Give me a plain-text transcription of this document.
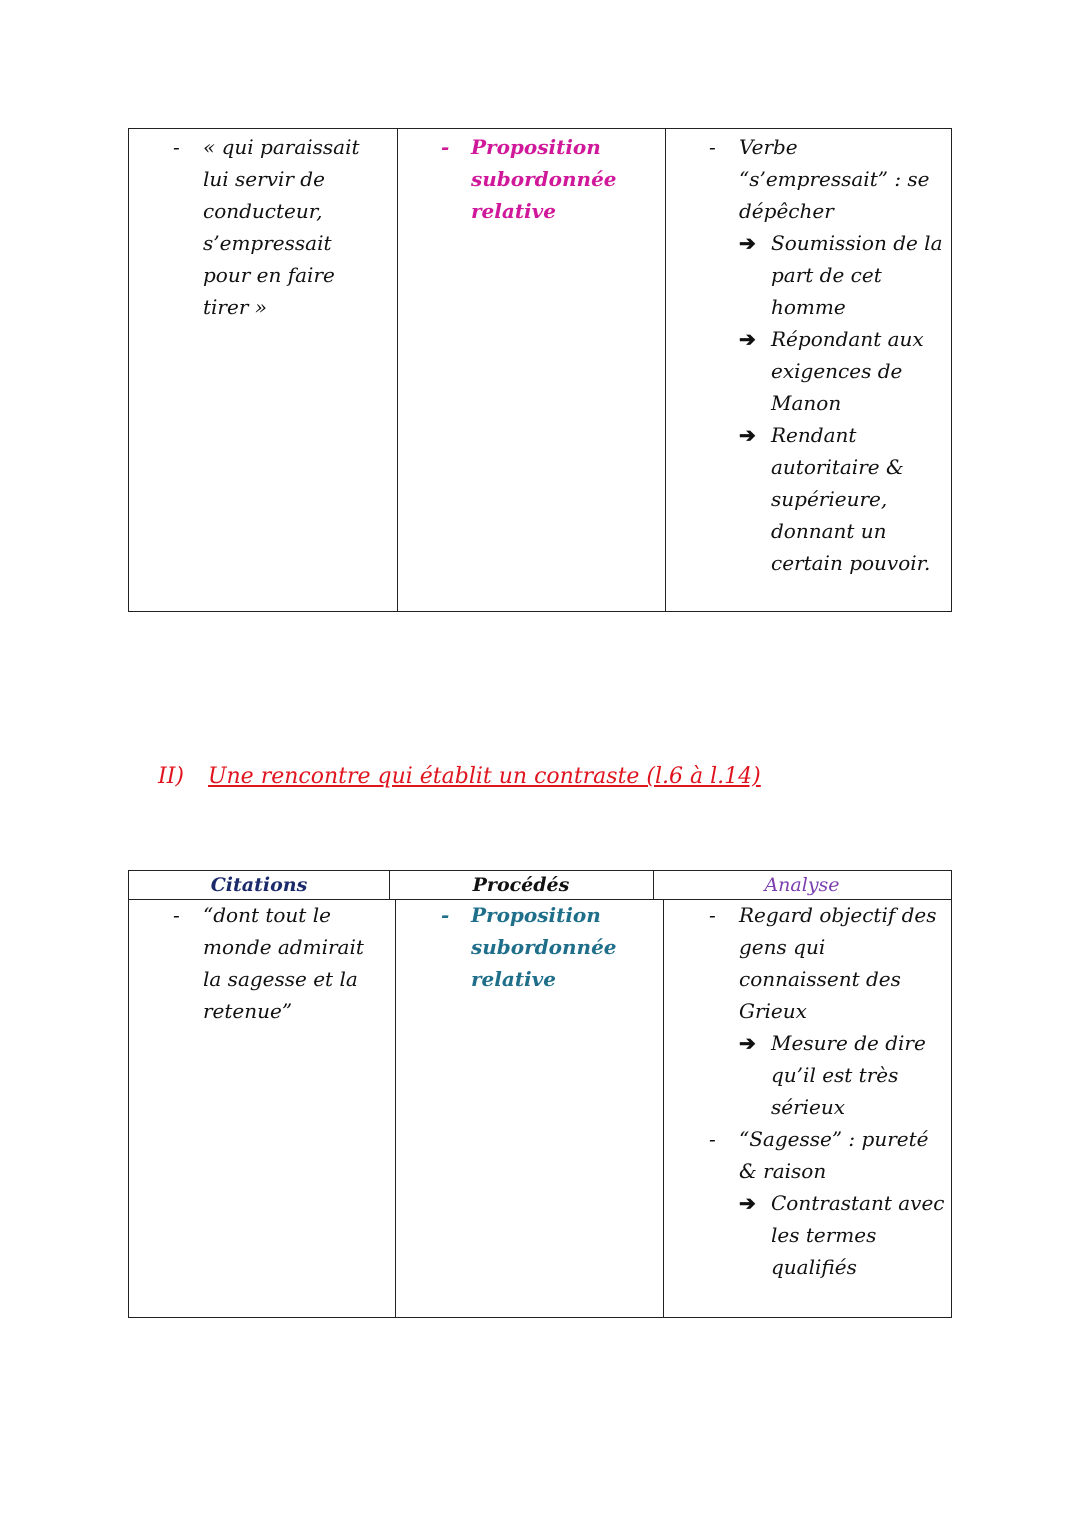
- « qui paraissait lui servir de conducteur, s’empressait pour en faire tirer »
- Proposition subordonnée relative
- Verbe “s’empressait” : se dépêcher
➔ Soumission de la part de cet homme
➔ Répondant aux exigences de Manon
➔ Rendant autoritaire & supérieure, donnant un certain pouvoir.
II) Une rencontre qui établit un contraste (l.6 à l.14)
Citations	Procédés	Analyse
- “dont tout le monde admirait la sagesse et la retenue”
- Proposition subordonnée relative
- Regard objectif des gens qui connaissent des Grieux
➔ Mesure de dire qu’il est très sérieux
- “Sagesse” : pureté & raison
➔ Contrastant avec les termes qualifiés
